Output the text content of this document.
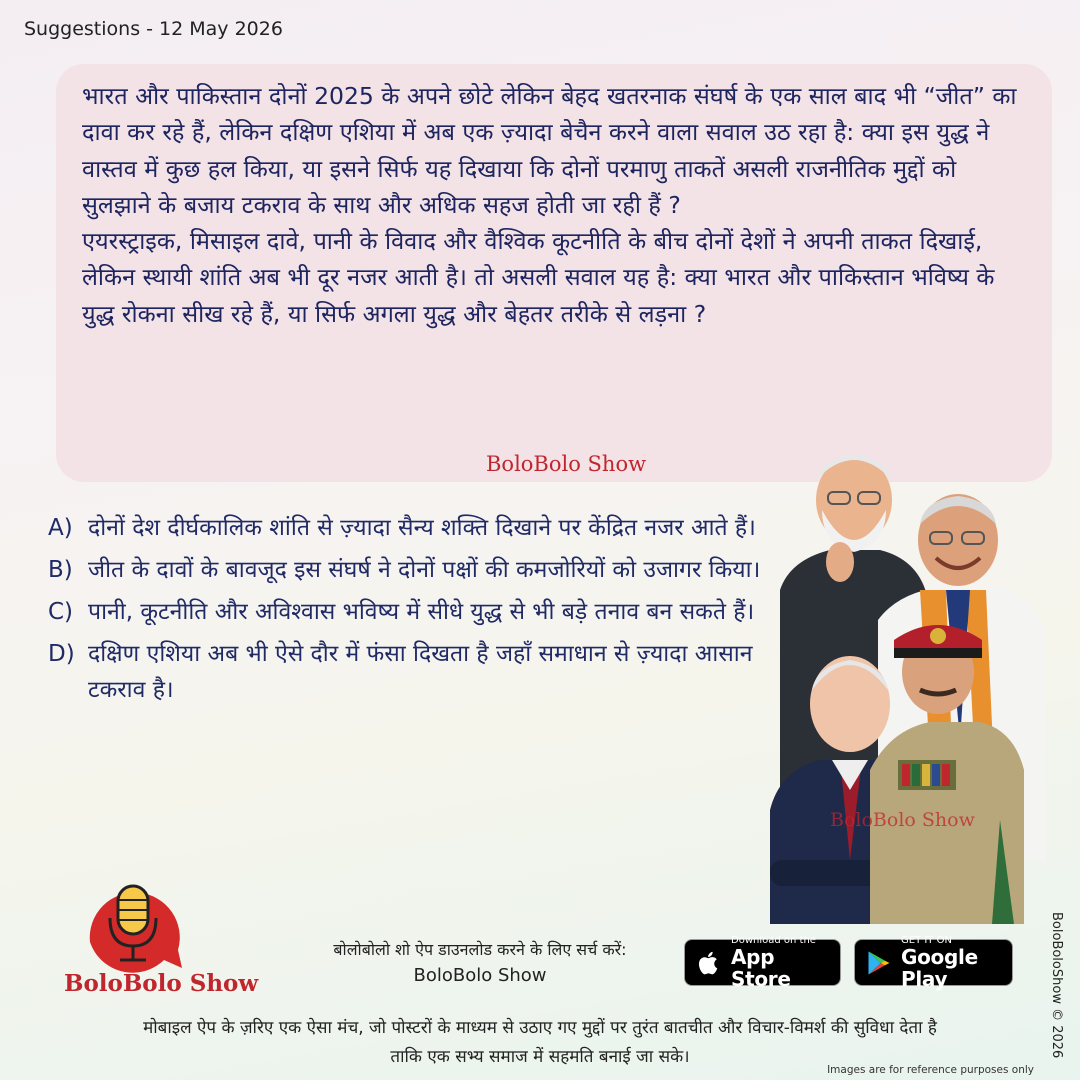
Suggestions - 12 May 2026
भारत और पाकिस्तान दोनों 2025 के अपने छोटे लेकिन बेहद खतरनाक संघर्ष के एक साल बाद भी “जीत” का दावा कर रहे हैं, लेकिन दक्षिण एशिया में अब एक ज़्यादा बेचैन करने वाला सवाल उठ रहा है: क्या इस युद्ध ने वास्तव में कुछ हल किया, या इसने सिर्फ यह दिखाया कि दोनों परमाणु ताकतें असली राजनीतिक मुद्दों को सुलझाने के बजाय टकराव के साथ और अधिक सहज होती जा रही हैं ?
एयरस्ट्राइक, मिसाइल दावे, पानी के विवाद और वैश्विक कूटनीति के बीच दोनों देशों ने अपनी ताकत दिखाई, लेकिन स्थायी शांति अब भी दूर नजर आती है। तो असली सवाल यह है: क्या भारत और पाकिस्तान भविष्य के युद्ध रोकना सीख रहे हैं, या सिर्फ अगला युद्ध और बेहतर तरीके से लड़ना ?
BoloBolo Show
A) दोनों देश दीर्घकालिक शांति से ज़्यादा सैन्य शक्ति दिखाने पर केंद्रित नजर आते हैं।
B) जीत के दावों के बावजूद इस संघर्ष ने दोनों पक्षों की कमजोरियों को उजागर किया।
C) पानी, कूटनीति और अविश्वास भविष्य में सीधे युद्ध से भी बड़े तनाव बन सकते हैं।
D) दक्षिण एशिया अब भी ऐसे दौर में फंसा दिखता है जहाँ समाधान से ज़्यादा आसान टकराव है।
BoloBolo Show
BoloBolo Show
बोलोबोलो शो ऐप डाउनलोड करने के लिए सर्च करें:
BoloBolo Show
Download on the
App Store
GET IT ON
Google Play
मोबाइल ऐप के ज़रिए एक ऐसा मंच, जो पोस्टरों के माध्यम से उठाए गए मुद्दों पर तुरंत बातचीत और विचार-विमर्श की सुविधा देता है
ताकि एक सभ्य समाज में सहमति बनाई जा सके।
Images are for reference purposes only
BoloBoloShow © 2026
